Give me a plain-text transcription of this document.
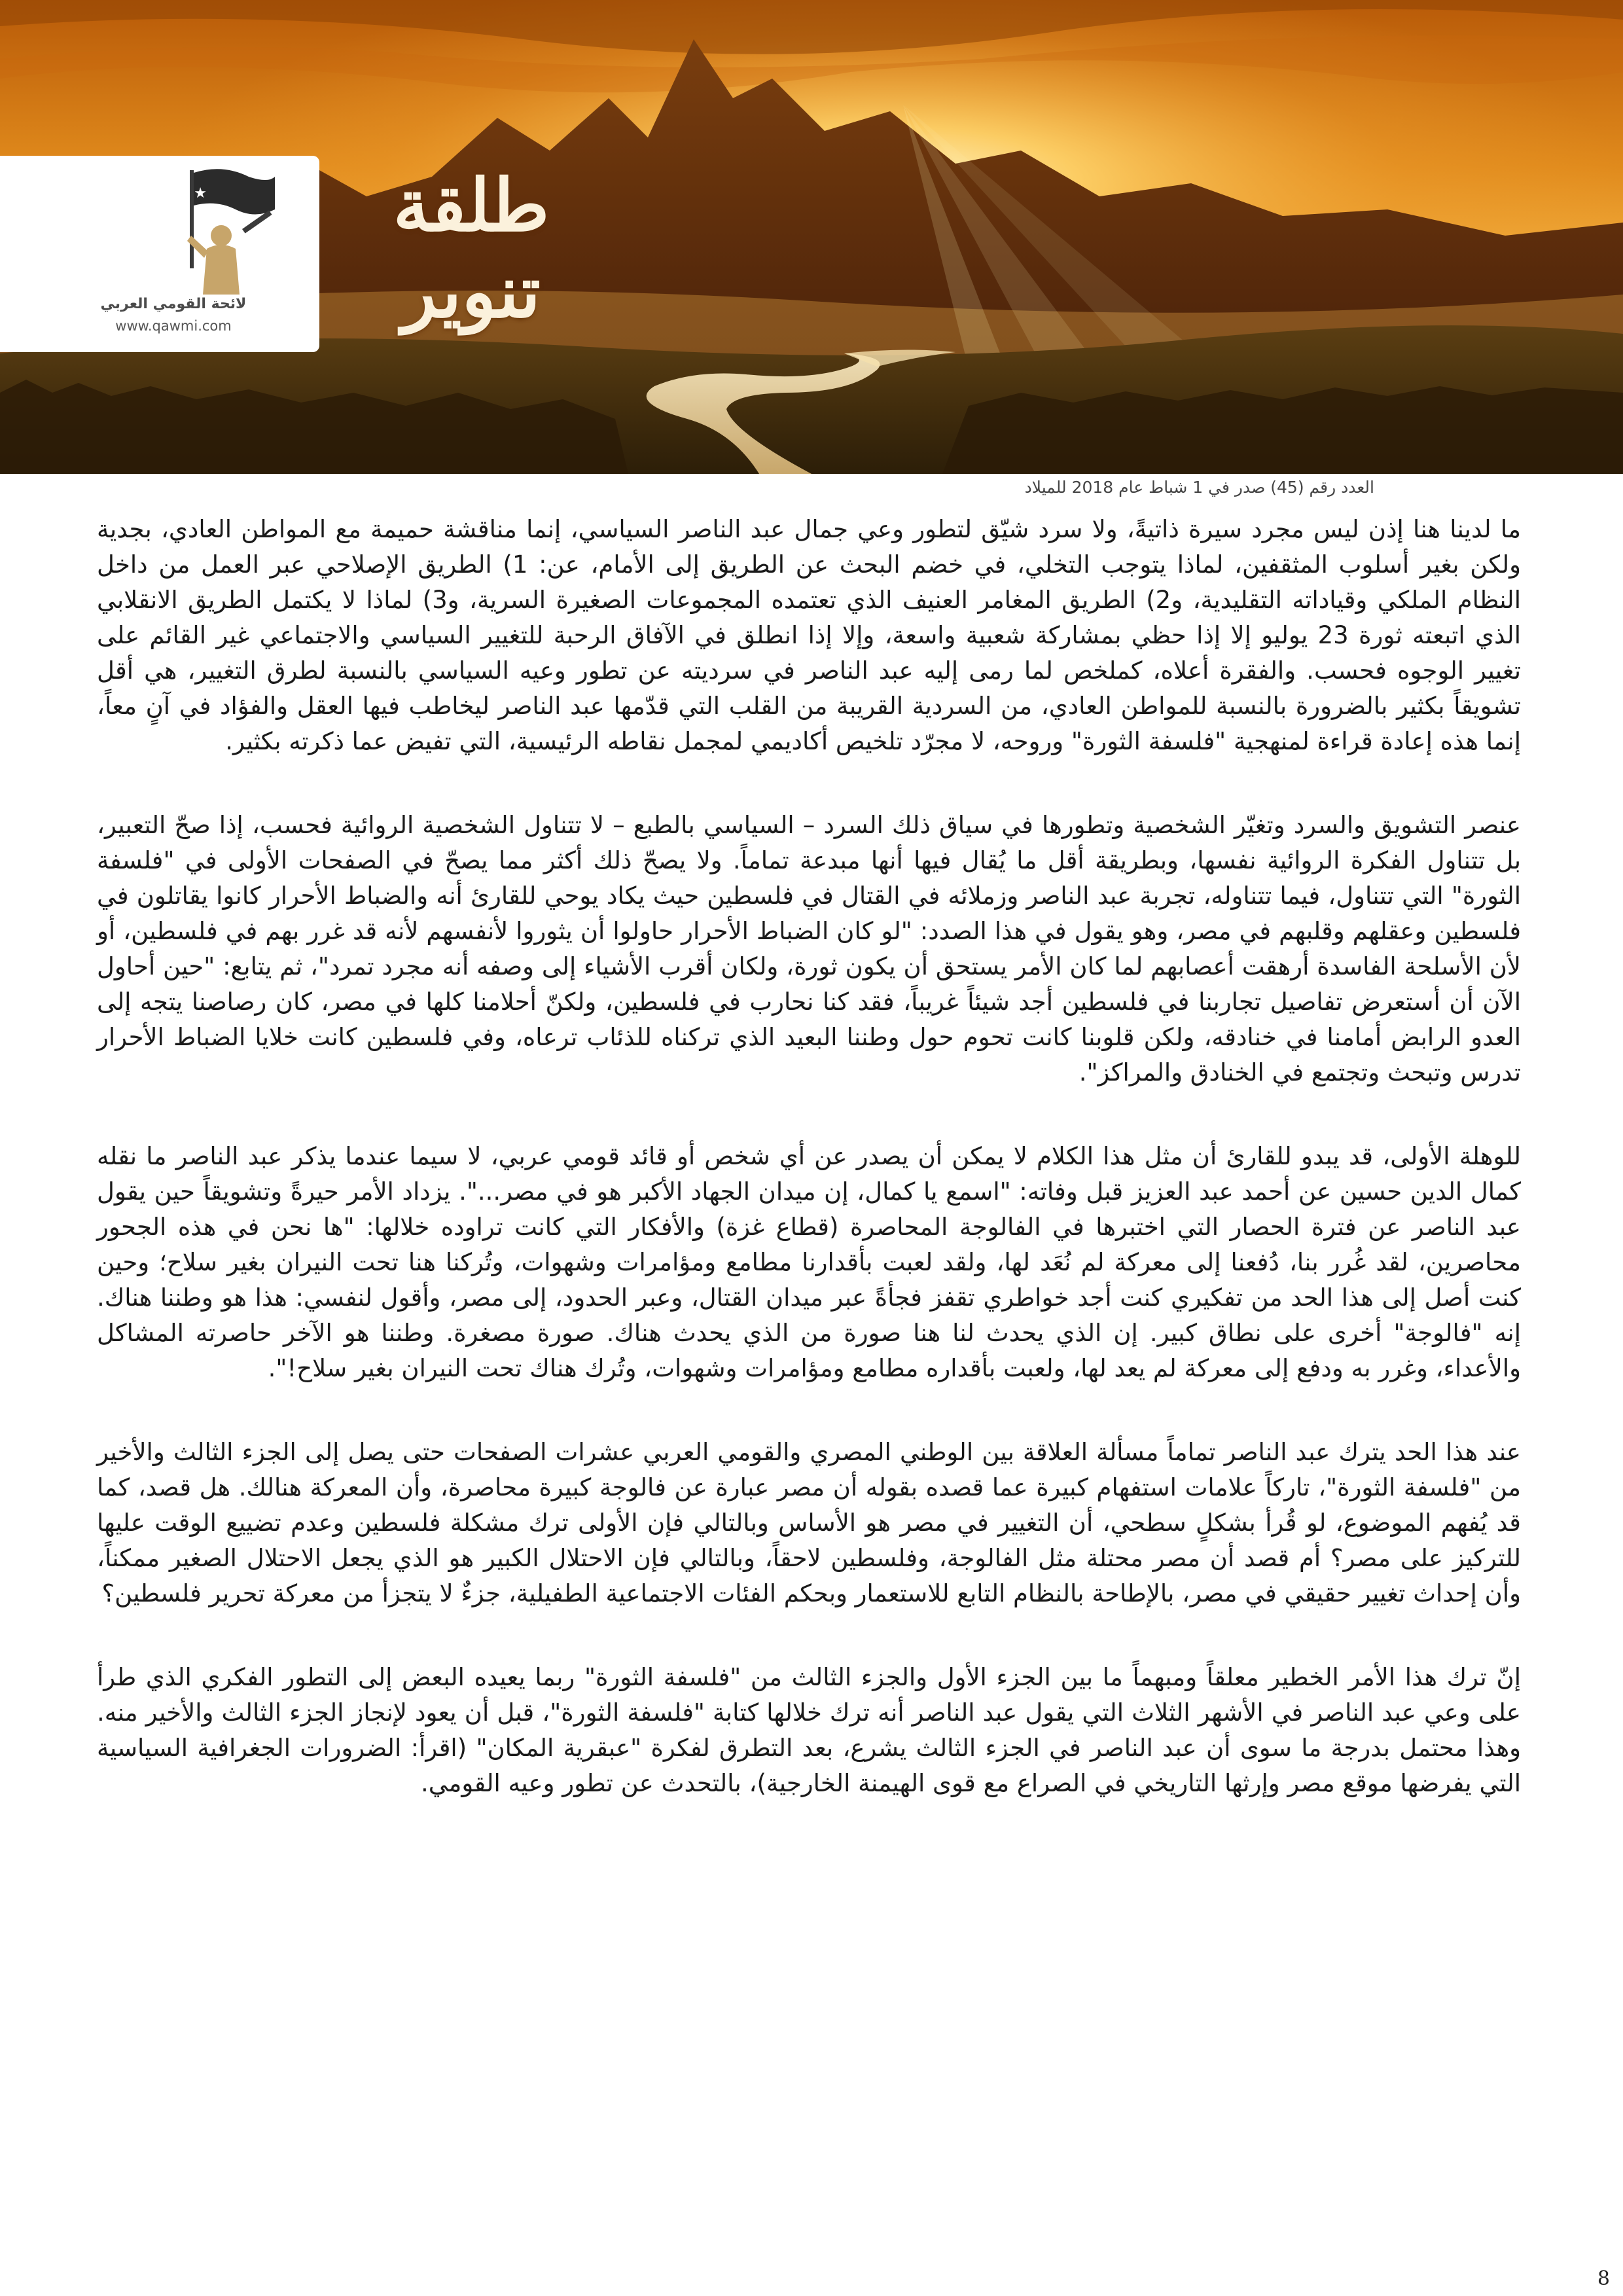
★ ✦ ✦
لائحة القومي العربي
www.qawmi.com
طلقة تنوير
العدد رقم (45) صدر في 1 شباط عام 2018 للميلاد

ما لدينا هنا إذن ليس مجرد سيرة ذاتيةً، ولا سرد شيّق لتطور وعي جمال عبد الناصر السياسي، إنما مناقشة حميمة مع المواطن العادي، بجدية ولكن بغير أسلوب المثقفين، لماذا يتوجب التخلي، في خضم البحث عن الطريق إلى الأمام، عن: 1) الطريق الإصلاحي عبر العمل من داخل النظام الملكي وقياداته التقليدية، و2) الطريق المغامر العنيف الذي تعتمده المجموعات الصغيرة السرية، و3) لماذا لا يكتمل الطريق الانقلابي الذي اتبعته ثورة 23 يوليو إلا إذا حظي بمشاركة شعبية واسعة، وإلا إذا انطلق في الآفاق الرحبة للتغيير السياسي والاجتماعي غير القائم على تغيير الوجوه فحسب. والفقرة أعلاه، كملخص لما رمى إليه عبد الناصر في سرديته عن تطور وعيه السياسي بالنسبة لطرق التغيير، هي أقل تشويقاً بكثير بالضرورة بالنسبة للمواطن العادي، من السردية القريبة من القلب التي قدّمها عبد الناصر ليخاطب فيها العقل والفؤاد في آنٍ معاً، إنما هذه إعادة قراءة لمنهجية "فلسفة الثورة" وروحه، لا مجرّد تلخيص أكاديمي لمجمل نقاطه الرئيسية، التي تفيض عما ذكرته بكثير.

عنصر التشويق والسرد وتغيّر الشخصية وتطورها في سياق ذلك السرد – السياسي بالطبع – لا تتناول الشخصية الروائية فحسب، إذا صحّ التعبير، بل تتناول الفكرة الروائية نفسها، وبطريقة أقل ما يُقال فيها أنها مبدعة تماماً. ولا يصحّ ذلك أكثر مما يصحّ في الصفحات الأولى في "فلسفة الثورة" التي تتناول، فيما تتناوله، تجربة عبد الناصر وزملائه في القتال في فلسطين حيث يكاد يوحي للقارئ أنه والضباط الأحرار كانوا يقاتلون في فلسطين وعقلهم وقلبهم في مصر، وهو يقول في هذا الصدد: "لو كان الضباط الأحرار حاولوا أن يثوروا لأنفسهم لأنه قد غرر بهم في فلسطين، أو لأن الأسلحة الفاسدة أرهقت أعصابهم لما كان الأمر يستحق أن يكون ثورة، ولكان أقرب الأشياء إلى وصفه أنه مجرد تمرد"، ثم يتابع: "حين أحاول الآن أن أستعرض تفاصيل تجاربنا في فلسطين أجد شيئاً غريباً، فقد كنا نحارب في فلسطين، ولكنّ أحلامنا كلها في مصر، كان رصاصنا يتجه إلى العدو الرابض أمامنا في خنادقه، ولكن قلوبنا كانت تحوم حول وطننا البعيد الذي تركناه للذئاب ترعاه، وفي فلسطين كانت خلايا الضباط الأحرار تدرس وتبحث وتجتمع في الخنادق والمراكز".

للوهلة الأولى، قد يبدو للقارئ أن مثل هذا الكلام لا يمكن أن يصدر عن أي شخص أو قائد قومي عربي، لا سيما عندما يذكر عبد الناصر ما نقله كمال الدين حسين عن أحمد عبد العزيز قبل وفاته: "اسمع يا كمال، إن ميدان الجهاد الأكبر هو في مصر...". يزداد الأمر حيرةً وتشويقاً حين يقول عبد الناصر عن فترة الحصار التي اختبرها في الفالوجة المحاصرة (قطاع غزة) والأفكار التي كانت تراوده خلالها: "ها نحن في هذه الجحور محاصرين، لقد غُرر بنا، دُفعنا إلى معركة لم نُعَد لها، ولقد لعبت بأقدارنا مطامع ومؤامرات وشهوات، وتُركنا هنا تحت النيران بغير سلاح؛ وحين كنت أصل إلى هذا الحد من تفكيري كنت أجد خواطري تقفز فجأةً عبر ميدان القتال، وعبر الحدود، إلى مصر، وأقول لنفسي: هذا هو وطننا هناك. إنه "فالوجة" أخرى على نطاق كبير. إن الذي يحدث لنا هنا صورة من الذي يحدث هناك. صورة مصغرة. وطننا هو الآخر حاصرته المشاكل والأعداء، وغرر به ودفع إلى معركة لم يعد لها، ولعبت بأقداره مطامع ومؤامرات وشهوات، وتُرك هناك تحت النيران بغير سلاح!".

عند هذا الحد يترك عبد الناصر تماماً مسألة العلاقة بين الوطني المصري والقومي العربي عشرات الصفحات حتى يصل إلى الجزء الثالث والأخير من "فلسفة الثورة"، تاركاً علامات استفهام كبيرة عما قصده بقوله أن مصر عبارة عن فالوجة كبيرة محاصرة، وأن المعركة هنالك. هل قصد، كما قد يُفهم الموضوع، لو قُرأ بشكلٍ سطحي، أن التغيير في مصر هو الأساس وبالتالي فإن الأولى ترك مشكلة فلسطين وعدم تضييع الوقت عليها للتركيز على مصر؟ أم قصد أن مصر محتلة مثل الفالوجة، وفلسطين لاحقاً، وبالتالي فإن الاحتلال الكبير هو الذي يجعل الاحتلال الصغير ممكناً، وأن إحداث تغيير حقيقي في مصر، بالإطاحة بالنظام التابع للاستعمار وبحكم الفئات الاجتماعية الطفيلية، جزءٌ لا يتجزأ من معركة تحرير فلسطين؟

إنّ ترك هذا الأمر الخطير معلقاً ومبهماً ما بين الجزء الأول والجزء الثالث من "فلسفة الثورة" ربما يعيده البعض إلى التطور الفكري الذي طرأ على وعي عبد الناصر في الأشهر الثلاث التي يقول عبد الناصر أنه ترك خلالها كتابة "فلسفة الثورة"، قبل أن يعود لإنجاز الجزء الثالث والأخير منه. وهذا محتمل بدرجة ما سوى أن عبد الناصر في الجزء الثالث يشرع، بعد التطرق لفكرة "عبقرية المكان" (اقرأ: الضرورات الجغرافية السياسية التي يفرضها موقع مصر وإرثها التاريخي في الصراع مع قوى الهيمنة الخارجية)، بالتحدث عن تطور وعيه القومي.

8
